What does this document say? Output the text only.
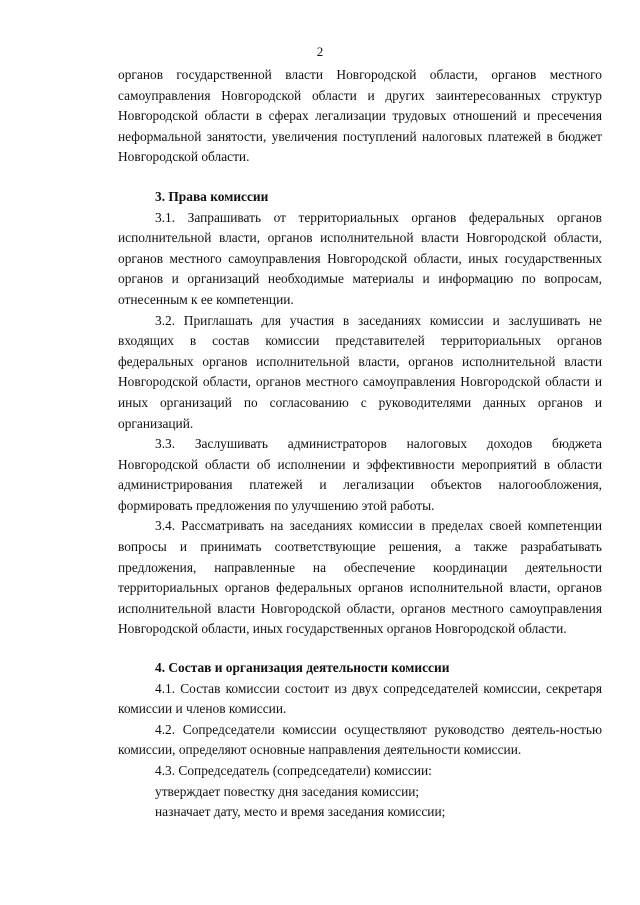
2

органов государственной власти Новгородской области, органов местного самоуправления Новгородской области и других заинтересованных структур Новгородской области в сферах легализации трудовых отношений и пресечения неформальной занятости, увеличения поступлений налоговых платежей в бюджет Новгородской области.

3. Права комиссии

3.1. Запрашивать от территориальных органов федеральных органов исполнительной власти, органов исполнительной власти Новгородской области, органов местного самоуправления Новгородской области, иных государственных органов и организаций необходимые материалы и информацию по вопросам, отнесенным к ее компетенции.

3.2. Приглашать для участия в заседаниях комиссии и заслушивать не входящих в состав комиссии представителей территориальных органов федеральных органов исполнительной власти, органов исполнительной власти Новгородской области, органов местного самоуправления Новгородской области и иных организаций по согласованию с руководителями данных органов и организаций.

3.3. Заслушивать администраторов налоговых доходов бюджета Новгородской области об исполнении и эффективности мероприятий в области администрирования платежей и легализации объектов налогообложения, формировать предложения по улучшению этой работы.

3.4. Рассматривать на заседаниях комиссии в пределах своей компетенции вопросы и принимать соответствующие решения, а также разрабатывать предложения, направленные на обеспечение координации деятельности территориальных органов федеральных органов исполнительной власти, органов исполнительной власти Новгородской области, органов местного самоуправления Новгородской области, иных государственных органов Новгородской области.

4. Состав и организация деятельности комиссии

4.1. Состав комиссии состоит из двух сопредседателей комиссии, секретаря комиссии и членов комиссии.

4.2. Сопредседатели комиссии осуществляют руководство деятель-ностью комиссии, определяют основные направления деятельности комиссии.

4.3. Сопредседатель (сопредседатели) комиссии:

утверждает повестку дня заседания комиссии;

назначает дату, место и время заседания комиссии;
